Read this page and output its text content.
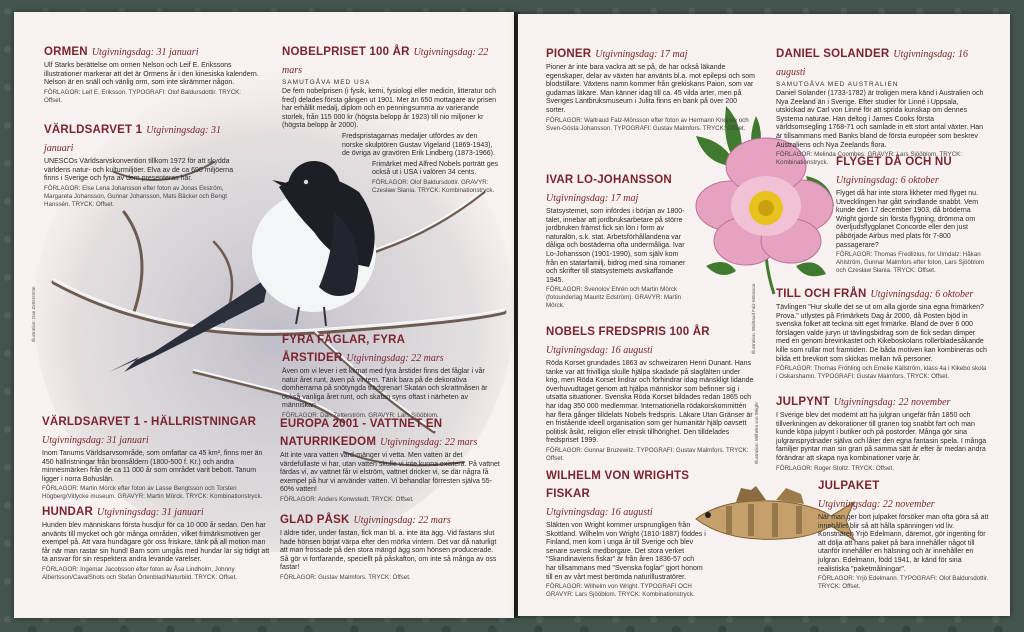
ORMEN Utgivningsdag: 31 januari

Ulf Starks berättelse om ormen Nelson och Leif E. Erikssons illustrationer markerar att det är Ormens år i den kinesiska kalendern. Nelson är en snäll och vänlig orm, som inte skrämmer någon.

FÖRLAGOR: Leif E. Eriksson. TYPOGRAFI: Olof Baldursdottir. TRYCK: Offset.

VÄRLDSARVET 1 Utgivningsdag: 31 januari

UNESCOs Världsarvskonvention tillkom 1972 för att skydda världens natur- och kulturmiljöer. Elva av de ca 690 miljöerna finns i Sverige och fyra av dem presenteras här.

FÖRLAGOR: Else Lena Johansson efter foton av Jonas Ekström, Margareta Johansson, Gunnar Johansson, Mats Bäcker och Bengt Hanssén. TRYCK: Offset.

NOBELPRISET 100 ÅR Utgivningsdag: 22 mars
SAMUTGÅVA MED USA

De fem nobelprisen (i fysik, kemi, fysiologi eller medicin, litteratur och fred) delades första gången ut 1901. Mer än 650 mottagare av prisen har erhållit medalj, diplom och en penningsumma av varierande storlek, från 115 000 kr (högsta belopp år 1923) till nio miljoner kr (högsta belopp år 2000).

Fredspristagarnas medaljer utfördes av den norske skulptören Gustav Vigeland (1869-1943), de övriga av gravören Erik Lindberg (1873-1966).

Frimärket med Alfred Nobels porträtt ges också ut i USA i valören 34 cents.

FÖRLAGOR: Olof Baldursdottir. GRAVYR: Czesław Słania. TRYCK: Kombinationstryck.

FYRA FÅGLAR, FYRA ÅRSTIDER Utgivningsdag: 22 mars

Även om vi lever i ett klimat med fyra årstider finns det fåglar i vår natur året runt, även på vintern. Tänk bara på de dekorativa domherrarna på snötyngda trädgrenar! Skatan och skrattmåsen är också vanliga året runt, och skatan syns oftast i närheten av människan.

FÖRLAGOR: Dan Zetterström. GRAVYR: Lars Sjööblom.

VÄRLDSARVET 1 - HÄLLRISTNINGAR
Utgivningsdag: 31 januari

Inom Tanums Världsarvsområde, som omfattar ca 45 km², finns mer än 450 hällristningar från bronsåldern (1800-500 f. Kr.) och andra minnesmärken från de ca 11 000 år som området varit bebott. Tanum ligger i norra Bohuslän.

FÖRLAGOR: Martin Mörck efter foton av Lasse Bengtsson och Torsten Högberg/Vitlycke museum. GRAVYR: Martin Mörck. TRYCK: Kombinationstryck.

EUROPA 2001 - VATTNET EN NATURRIKEDOM Utgivningsdag: 22 mars

Att inte vara vatten värd-mänger vi vetta. Men vatten är det värdefullaste vi har, utan vatten skulle vi inte kunna existera. På vattnet färdas vi, av vattnet får vi elström, vattnet dricker vi, se där några få exempel på hur vi använder vatten. Vi behandlar förresten själva 55-60% vatten!

FÖRLAGOR: Anders Konwstedt. TRYCK: Offset.

HUNDAR Utgivningsdag: 31 januari

Hunden blev människans första husdjur för ca 10 000 år sedan. Den har använts till mycket och gör många områden, vilket frimärksmotiven ger exempel på. Att vara hundägare gör oss friskare, tänk på all motion man får när man rastar sin hund! Barn som umgås med hundar lär sig tidigt att ta ansvar för sin respektera andra levande varelser.

FÖRLAGOR: Ingemar Jacobsson efter foton av Åsa Lindholm, Johnny Albertsson/CavalShots och Stefan Örtenblad/Naturbild. TRYCK: Offset.

GLAD PÅSK Utgivningsdag: 22 mars

I äldre tider, under fastan, fick man bl. a. inte äta ägg. Vid fastans slut hade hönsen börjat värpa efter den mörka vintern. Det var då naturligt att man frossade på den stora mängd ägg som hönsen producerade. Så gör vi fortfarande, speciellt på påskafton, om inte så många av oss fastar!

FÖRLAGOR: Gustav Malmfors. TRYCK: Offset.

Illustration: Dan Zetterström	Illustration: Waltraud Falz-Mönsson
Illustration: Wilhelm von Wright
PIONER Utgivningsdag: 17 maj

Pioner är inte bara vackra att se på, de har också läkande egenskaper, delar av växten har använts bl.a. mot epilepsi och som blodstillare. Växtens namn kommer från grekiskans Paion, som var gudarnas läkare. Man känner idag till ca. 45 vilda arter, men på Sveriges Lantbruksmuseum i Julita finns en bank på över 200 sorter.

FÖRLAGOR: Waltraud Falz-Mönsson efter foton av Hermann Knopke och Sven-Gösta Johansson. TYPOGRAFI: Gustav Malmfors. TRYCK: Offset.

IVAR LO-JOHANSSON
Utgivningsdag: 17 maj

Statsystemet, som infördes i början av 1800-talet, innebar att jordbruksarbetare på större jordbruken främst fick sin lön i form av naturalön, s.k. stat. Arbetsförhållandena var dåliga och bostäderna ofta undermåliga. Ivar Lo-Johansson (1901-1990), som själv kom från en statarfamilj, bidrog med sina romaner och skrifter till statsystemets avskaffande 1945.

FÖRLAGOR: Svenolov Ehrén och Martin Mörck (fotounderlag Mauritz Edström). GRAVYR: Martin Mörck.

NOBELS FREDSPRIS 100 ÅR
Utgivningsdag: 16 augusti

Röda Korset grundades 1863 av schweizaren Henri Dunant. Hans tanke var att frivilliga skulle hjälpa skadade på slagfälten under krig, men Röda Korset lindrar och förhindrar idag mänskligt lidande överhuvudtaget genom att hjälpa människor som befinner sig i utsatta situationer. Svenska Röda Korset bildades redan 1865 och har idag 350 000 medlemmar. Internationella rödakorskommittén har flera gånger tilldelats Nobels fredspris. Läkare Utan Gränser är en fristående ideell organisation som ger humanitär hjälp oavsett politisk åsikt, religion eller etnisk tillhörighet. Den tilldelades fredspriset 1999.

FÖRLAGOR: Gunnar Bruzewitz. TYPOGRAFI: Gustav Malmfors. TRYCK: Offset.

WILHELM VON WRIGHTS FISKAR
Utgivningsdag: 16 augusti

Släkten von Wright kommer ursprungligen från Skottland. Wilhelm von Wright (1810-1887) föddes i Finland, men kom i unga år till Sverige och blev senare svensk medborgare. Det stora verket "Skandinaviens fiskar" är från åren 1836-57 och har tillsammans med "Svenska foglar" gjort honom till en av vårt mest berömda naturillustratörer.

FÖRLAGOR: Wilhelm von Wright. TYPOGRAFI OCH GRAVYR: Lars Sjööblom. TRYCK: Kombinationstryck.

DANIEL SOLANDER Utgivningsdag: 16 augusti
SAMUTGÅVA MED AUSTRALIEN

Daniel Solander (1733-1782) är troligen mera känd i Australien och Nya Zeeland än i Sverige. Efter studier för Linné i Uppsala, utskickad av Carl von Linné för att sprida kunskap om dennes Systema naturae. Han deltog i James Cooks första världsomsegling 1768-71 och samlade in ett stort antal växter. Han är tillsammans med Banks bland de första européer som beskrev Australiens och Nya Zeelands flora.

FÖRLAGOR: Melinda Coombes. GRAVYR: Lars Sjööblom. TRYCK: Kombinationstryck. FLYGET DÅ OCH NU
Utgivningsdag: 6 oktober

Flyget då har inte stora likheter med flyget nu. Utvecklingen har gått svindlande snabbt. Vem kunde den 17 december 1903, då bröderna Wright gjorde sin första flygning, drömma om överljudsflygplanet Concorde eller den just påbörjade Airbus med plats för 7-800 passagerare?

FÖRLAGOR: Thomas Fredlizius, for Ulmdalz: Håkan Ahlström, Gunnar Malmfors efter foton, Lars Sjööblom och Czesław Słania. TRYCK: Offset.

TILL OCH FRÅN Utgivningsdag: 6 oktober

Tävlingen "Hur skulle det se ut om alla gjorde sina egna frimärken? Prova." utlystes på Frimärkets Dag år 2000, då Posten bjöd in svenska folket att teckna sitt eget frimärke. Bland de över 6 000 förslagen valde juryn ut tävlingsbidrag som de fick sedan dimper med en genom brevinkastet och Kikeboskolans rollerbladesåkande kille som rullar mot framtiden. De båda motiven kan kombineras och bilda ett brevkort som skickas mellan två personer.

FÖRLAGOR: Thomas Fröhling och Emelie Källström, klass 4a i Kikebo skola i Oskarshamn. TYPOGRAFI: Gustav Malmfors. TRYCK: Offset.

JULPYNT Utgivningsdag: 22 november

I Sverige blev det modernt att ha julgran ungefär från 1850 och tillverkningen av dekorationer till granen tog snabbt fart och man kunde köpa julpynt i butiker och på postorder. Många gör sina julgransprydnader själva och låter den egna fantasin spela. I många familjer pyntar man sin gran på samma sätt år efter år medan andra förändrar att skapa nya kombinationer varje år.

FÖRLAGOR: Roger Stoltz. TRYCK: Offset.

JULPAKET
Utgivningsdag: 22 november

När man ger bort julpaket försöker man ofta göra så att innehållet blir så att hålla spänningen vid liv. Konstnären Yrjö Edelmann, däremot, gör ingenting för att dölja att hans paket på bara innehåller något till utanför innehåller en hälsning och är innehåller en julgran. Edelmann, född 1941, är känd för sina realistiska "paketmålningar".

FÖRLAGOR: Yrjö Edelmann. TYPOGRAFI: Olof Baldursdottir. TRYCK: Offset.
